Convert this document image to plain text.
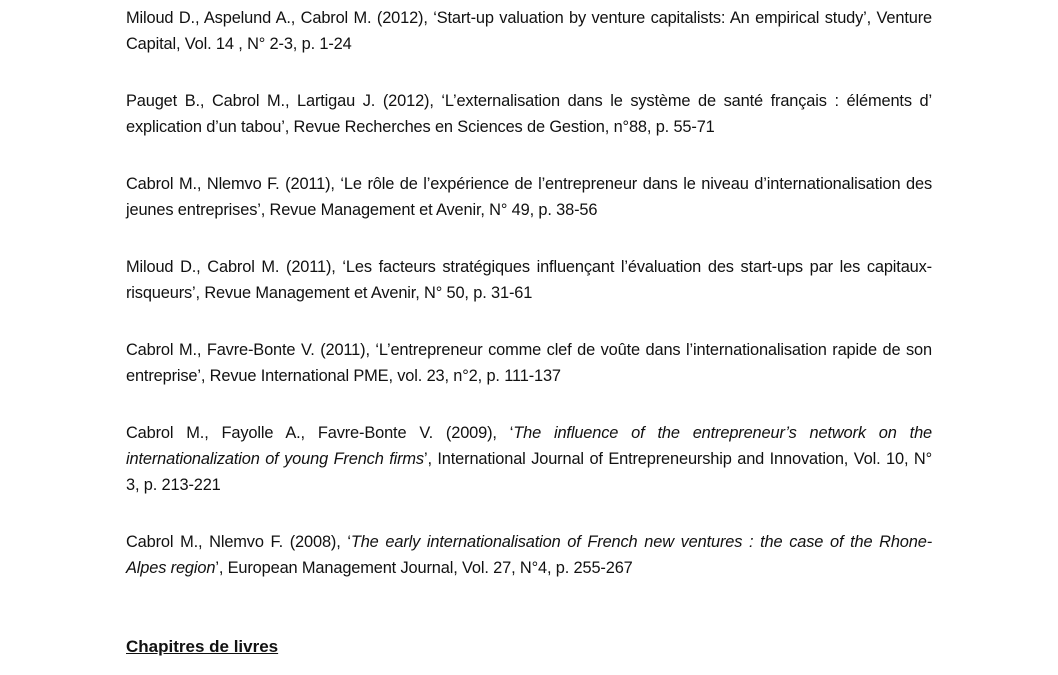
Miloud D., Aspelund A., Cabrol M. (2012), ‘Start-up valuation by venture capitalists: An empirical study’, Venture Capital, Vol. 14 , N° 2-3, p. 1-24

Pauget B., Cabrol M., Lartigau J. (2012), ‘L’externalisation dans le système de santé français : éléments d’ explication d’un tabou’, Revue Recherches en Sciences de Gestion, n°88, p. 55-71

Cabrol M., Nlemvo F. (2011), ‘Le rôle de l’expérience de l’entrepreneur dans le niveau d’internationalisation des jeunes entreprises’, Revue Management et Avenir, N° 49, p. 38-56

Miloud D., Cabrol M. (2011), ‘Les facteurs stratégiques influençant l’évaluation des start-ups par les capitaux-risqueurs’, Revue Management et Avenir, N° 50, p. 31-61

Cabrol M., Favre-Bonte V. (2011), ‘L’entrepreneur comme clef de voûte dans l’internationalisation rapide de son entreprise’, Revue International PME, vol. 23, n°2, p. 111-137

Cabrol M., Fayolle A., Favre-Bonte V. (2009), ‘The influence of the entrepreneur’s network on the internationalization of young French firms’, International Journal of Entrepreneurship and Innovation, Vol. 10, N° 3, p. 213-221

Cabrol M., Nlemvo F. (2008), ‘The early internationalisation of French new ventures : the case of the Rhone-Alpes region’, European Management Journal, Vol. 27, N°4, p. 255-267

Chapitres de livres
